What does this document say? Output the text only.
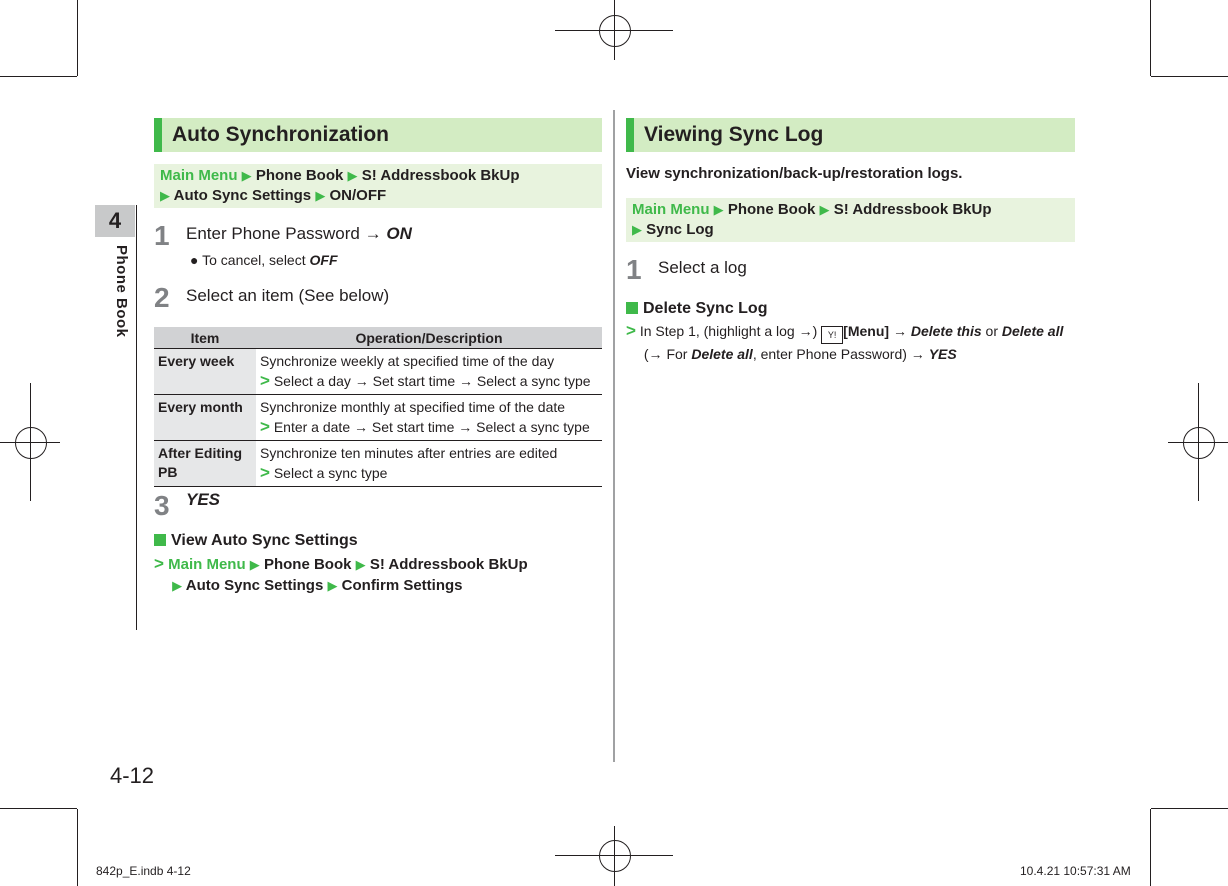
4
Phone Book
4-12
Auto Synchronization
Main Menu ▶ Phone Book ▶ S! Addressbook BkUp
▶ Auto Sync Settings ▶ ON/OFF
1 Enter Phone Password → ON
● To cancel, select OFF
2 Select an item (See below)
Item	Operation/Description
Every week	Synchronize weekly at specified time of the day
> Select a day → Set start time → Select a sync type

Every month	Synchronize monthly at specified time of the date
> Enter a date → Set start time → Select a sync type

After Editing PB	Synchronize ten minutes after entries are edited
> Select a sync type
3 YES
View Auto Sync Settings
> Main Menu ▶ Phone Book ▶ S! Addressbook BkUp
▶ Auto Sync Settings ▶ Confirm Settings
Viewing Sync Log
View synchronization/back-up/restoration logs.
Main Menu ▶ Phone Book ▶ S! Addressbook BkUp
▶ Sync Log
1 Select a log
Delete Sync Log
> In Step 1, (highlight a log →) Y! [Menu] → Delete this or Delete all
(→ For Delete all, enter Phone Password) → YES
842p_E.indb 4-12	10.4.21 10:57:31 AM
